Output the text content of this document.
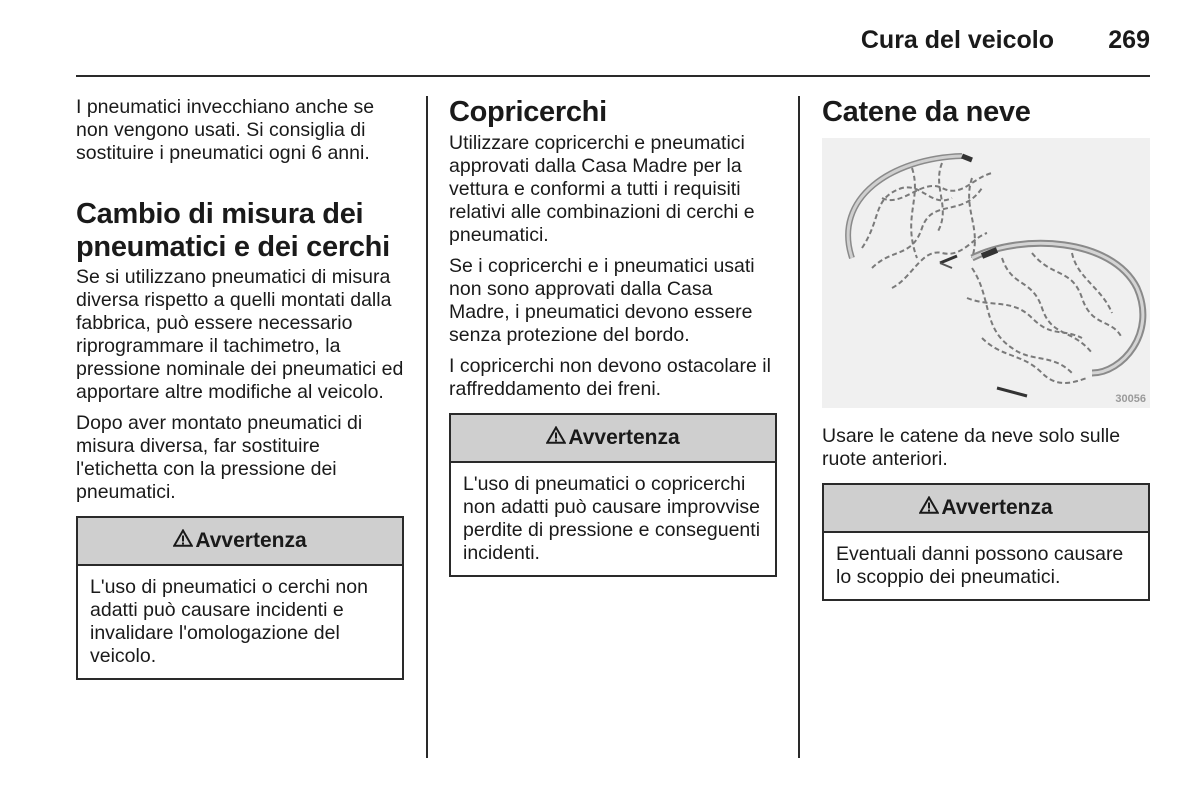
Cura del veicolo 269

I pneumatici invecchiano anche se non vengono usati. Si consiglia di sostituire i pneumatici ogni 6 anni.

Cambio di misura dei pneumatici e dei cerchi

Se si utilizzano pneumatici di misura diversa rispetto a quelli montati dalla fabbrica, può essere necessario riprogrammare il tachimetro, la pressione nominale dei pneumatici ed apportare altre modifiche al veicolo.

Dopo aver montato pneumatici di misura diversa, far sostituire l'etichetta con la pressione dei pneumatici.

Avvertenza
L'uso di pneumatici o cerchi non adatti può causare incidenti e invalidare l'omologazione del veicolo.
Copricerchi

Utilizzare copricerchi e pneumatici approvati dalla Casa Madre per la vettura e conformi a tutti i requisiti relativi alle combinazioni di cerchi e pneumatici.

Se i copricerchi e i pneumatici usati non sono approvati dalla Casa Madre, i pneumatici devono essere senza protezione del bordo.

I copricerchi non devono ostacolare il raffreddamento dei freni.

Avvertenza
L'uso di pneumatici o copricerchi non adatti può causare improvvise perdite di pressione e conseguenti incidenti.
Catene da neve
30056

Usare le catene da neve solo sulle ruote anteriori.

Avvertenza
Eventuali danni possono causare lo scoppio dei pneumatici.
